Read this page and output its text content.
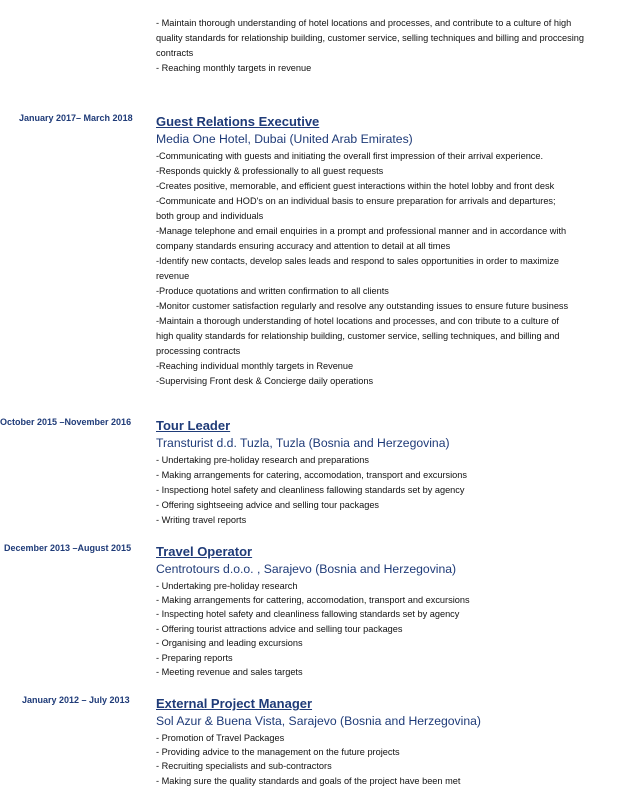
- Maintain thorough understanding of hotel locations and processes, and contribute to a culture of high
quality standards for relationship building, customer service, selling techniques and billing and proccesing
contracts
- Reaching monthly targets in revenue
January 2017– March 2018 Guest Relations Executive
Media One Hotel, Dubai (United Arab Emirates)
-Communicating with guests and initiating the overall first impression of their arrival experience.
-Responds quickly & professionally to all guest requests
-Creates positive, memorable, and efficient guest interactions within the hotel lobby and front desk
-Communicate and HOD's on an individual basis to ensure preparation for arrivals and departures;
both group and individuals
-Manage telephone and email enquiries in a prompt and professional manner and in accordance with
company standards ensuring accuracy and attention to detail at all times
-Identify new contacts, develop sales leads and respond to sales opportunities in order to maximize
revenue
-Produce quotations and written confirmation to all clients
-Monitor customer satisfaction regularly and resolve any outstanding issues to ensure future business
-Maintain a thorough understanding of hotel locations and processes, and con tribute to a culture of
high quality standards for relationship building, customer service, selling techniques, and billing and
processing contracts
-Reaching individual monthly targets in Revenue
-Supervising Front desk & Concierge daily operations
October 2015 –November 2016 Tour Leader
Transturist d.d. Tuzla, Tuzla (Bosnia and Herzegovina)
- Undertaking pre-holiday research and preparations
- Making arrangements for catering, accomodation, transport and excursions
- Inspectiong hotel safety and cleanliness fallowing standards set by agency
- Offering sightseeing advice and selling tour packages
- Writing travel reports
December 2013 –August 2015 Travel Operator
Centrotours d.o.o. , Sarajevo (Bosnia and Herzegovina)
- Undertaking pre-holiday research
- Making arrangements for cattering, accomodation, transport and excursions
- Inspecting hotel safety and cleanliness fallowing standards set by agency
- Offering tourist attractions advice and selling tour packages
- Organising and leading excursions
- Preparing reports
- Meeting revenue and sales targets
January 2012 – July 2013 External Project Manager
Sol Azur & Buena Vista, Sarajevo (Bosnia and Herzegovina)
- Promotion of Travel Packages
- Providing advice to the management on the future projects
- Recruiting specialists and sub-contractors
- Making sure the quality standards and goals of the project have been met
